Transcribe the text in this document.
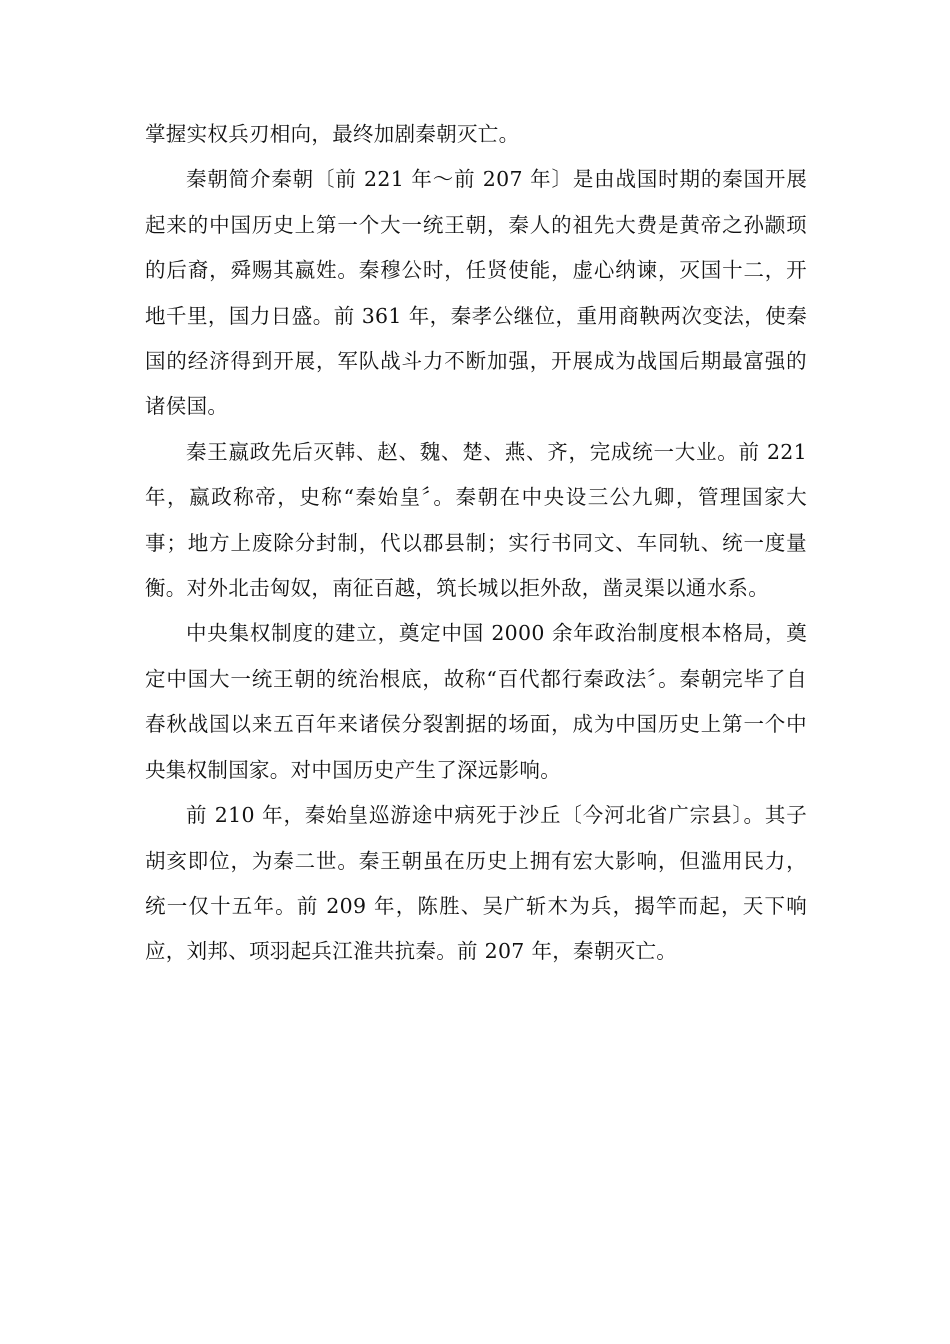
掌握实权兵刃相向，最终加剧秦朝灭亡。

秦朝简介秦朝〔前 221 年～前 207 年〕是由战国时期的秦国开展起来的中国历史上第一个大一统王朝，秦人的祖先大费是黄帝之孙颛顼的后裔，舜赐其嬴姓。秦穆公时，任贤使能，虚心纳谏，灭国十二，开地千里，国力日盛。前 361 年，秦孝公继位，重用商鞅两次变法，使秦国的经济得到开展，军队战斗力不断加强，开展成为战国后期最富强的诸侯国。

秦王嬴政先后灭韩、赵、魏、楚、燕、齐，完成统一大业。前 221 年，嬴政称帝，史称“秦始皇〞。秦朝在中央设三公九卿，管理国家大事；地方上废除分封制，代以郡县制；实行书同文、车同轨、统一度量衡。对外北击匈奴，南征百越，筑长城以拒外敌，凿灵渠以通水系。

中央集权制度的建立，奠定中国 2000 余年政治制度根本格局，奠定中国大一统王朝的统治根底，故称“百代都行秦政法〞。秦朝完毕了自春秋战国以来五百年来诸侯分裂割据的场面，成为中国历史上第一个中央集权制国家。对中国历史产生了深远影响。

前 210 年，秦始皇巡游途中病死于沙丘〔今河北省广宗县〕。其子胡亥即位，为秦二世。秦王朝虽在历史上拥有宏大影响，但滥用民力，统一仅十五年。前 209 年，陈胜、吴广斩木为兵，揭竿而起，天下响应，刘邦、项羽起兵江淮共抗秦。前 207 年，秦朝灭亡。
